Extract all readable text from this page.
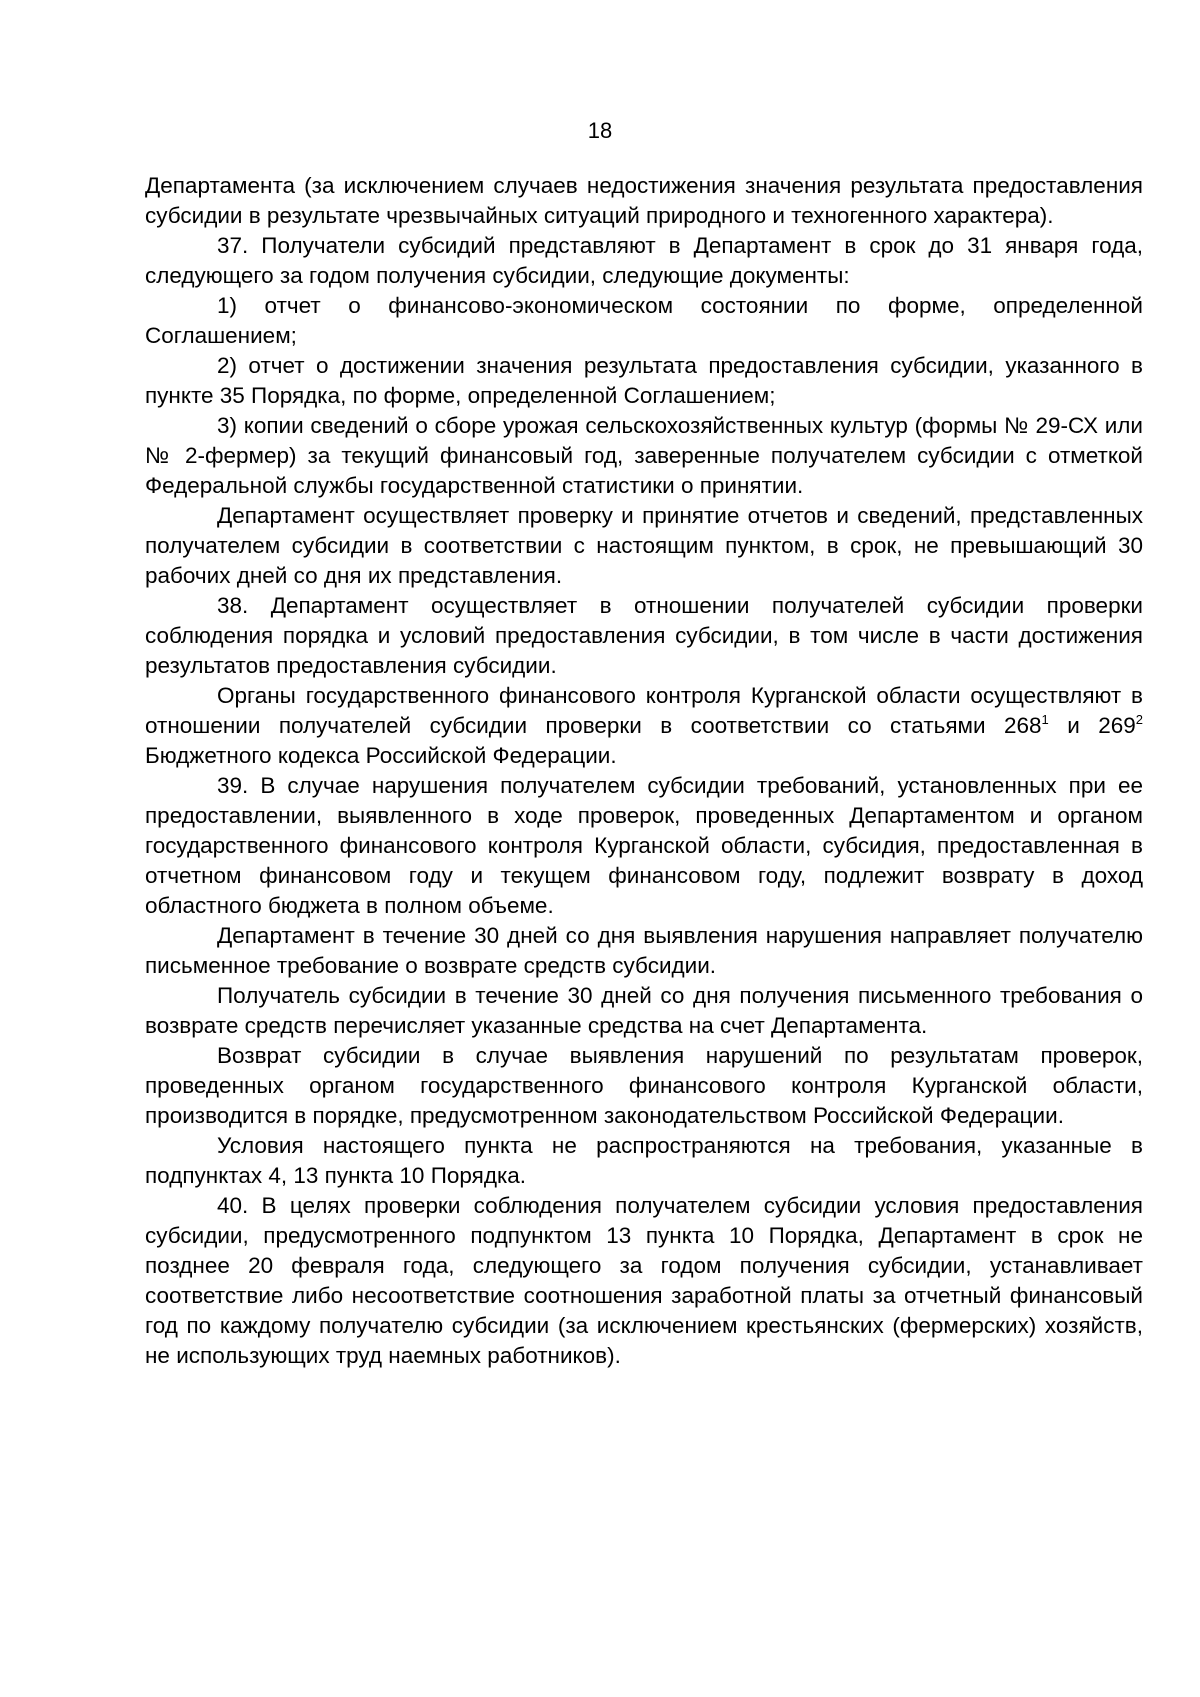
18

Департамента (за исключением случаев недостижения значения результата предоставления субсидии в результате чрезвычайных ситуаций природного и техногенного характера).

37. Получатели субсидий представляют в Департамент в срок до 31 января года, следующего за годом получения субсидии, следующие документы:

1) отчет о финансово-экономическом состоянии по форме, определенной Соглашением;

2) отчет о достижении значения результата предоставления субсидии, указанного в пункте 35 Порядка, по форме, определенной Соглашением;

3) копии сведений о сборе урожая сельскохозяйственных культур (формы № 29-СХ или № 2-фермер) за текущий финансовый год, заверенные получателем субсидии с отметкой Федеральной службы государственной статистики о принятии.

Департамент осуществляет проверку и принятие отчетов и сведений, представленных получателем субсидии в соответствии с настоящим пунктом, в срок, не превышающий 30 рабочих дней со дня их представления.

38. Департамент осуществляет в отношении получателей субсидии проверки соблюдения порядка и условий предоставления субсидии, в том числе в части достижения результатов предоставления субсидии.

Органы государственного финансового контроля Курганской области осуществляют в отношении получателей субсидии проверки в соответствии со статьями $268^1$ и $269^2$ Бюджетного кодекса Российской Федерации.

39. В случае нарушения получателем субсидии требований, установленных при ее предоставлении, выявленного в ходе проверок, проведенных Департаментом и органом государственного финансового контроля Курганской области, субсидия, предоставленная в отчетном финансовом году и текущем финансовом году, подлежит возврату в доход областного бюджета в полном объеме.

Департамент в течение 30 дней со дня выявления нарушения направляет получателю письменное требование о возврате средств субсидии.

Получатель субсидии в течение 30 дней со дня получения письменного требования о возврате средств перечисляет указанные средства на счет Департамента.

Возврат субсидии в случае выявления нарушений по результатам проверок, проведенных органом государственного финансового контроля Курганской области, производится в порядке, предусмотренном законодательством Российской Федерации.

Условия настоящего пункта не распространяются на требования, указанные в подпунктах 4, 13 пункта 10 Порядка.

40. В целях проверки соблюдения получателем субсидии условия предоставления субсидии, предусмотренного подпунктом 13 пункта 10 Порядка, Департамент в срок не позднее 20 февраля года, следующего за годом получения субсидии, устанавливает соответствие либо несоответствие соотношения заработной платы за отчетный финансовый год по каждому получателю субсидии (за исключением крестьянских (фермерских) хозяйств, не использующих труд наемных работников).
